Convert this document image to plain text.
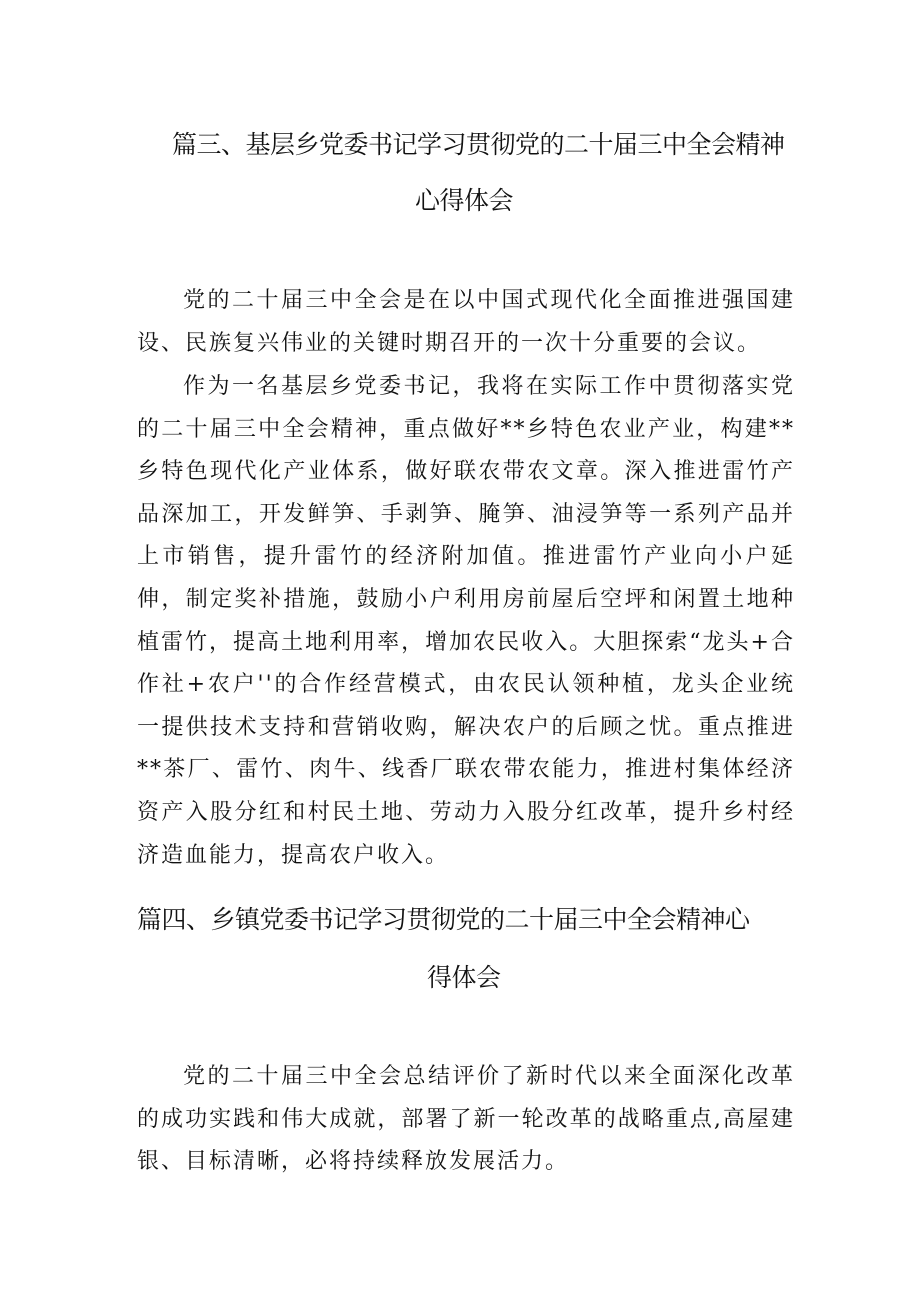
篇三、基层乡党委书记学习贯彻党的二十届三中全会精神
心得体会

党的二十届三中全会是在以中国式现代化全面推进强国建设、民族复兴伟业的关键时期召开的一次十分重要的会议。

作为一名基层乡党委书记，我将在实际工作中贯彻落实党的二十届三中全会精神，重点做好**乡特色农业产业，构建**乡特色现代化产业体系，做好联农带农文章。深入推进雷竹产品深加工，开发鲜笋、手剥笋、腌笋、油浸笋等一系列产品并上市销售，提升雷竹的经济附加值。推进雷竹产业向小户延伸，制定奖补措施，鼓励小户利用房前屋后空坪和闲置土地种植雷竹，提高土地利用率，增加农民收入。大胆探索“龙头+合作社+农户''的合作经营模式，由农民认领种植，龙头企业统一提供技术支持和营销收购，解决农户的后顾之忧。重点推进**茶厂、雷竹、肉牛、线香厂联农带农能力，推进村集体经济资产入股分红和村民土地、劳动力入股分红改革，提升乡村经济造血能力，提高农户收入。

篇四、乡镇党委书记学习贯彻党的二十届三中全会精神心
得体会

党的二十届三中全会总结评价了新时代以来全面深化改革的成功实践和伟大成就，部署了新一轮改革的战略重点,高屋建银、目标清晰，必将持续释放发展活力。
